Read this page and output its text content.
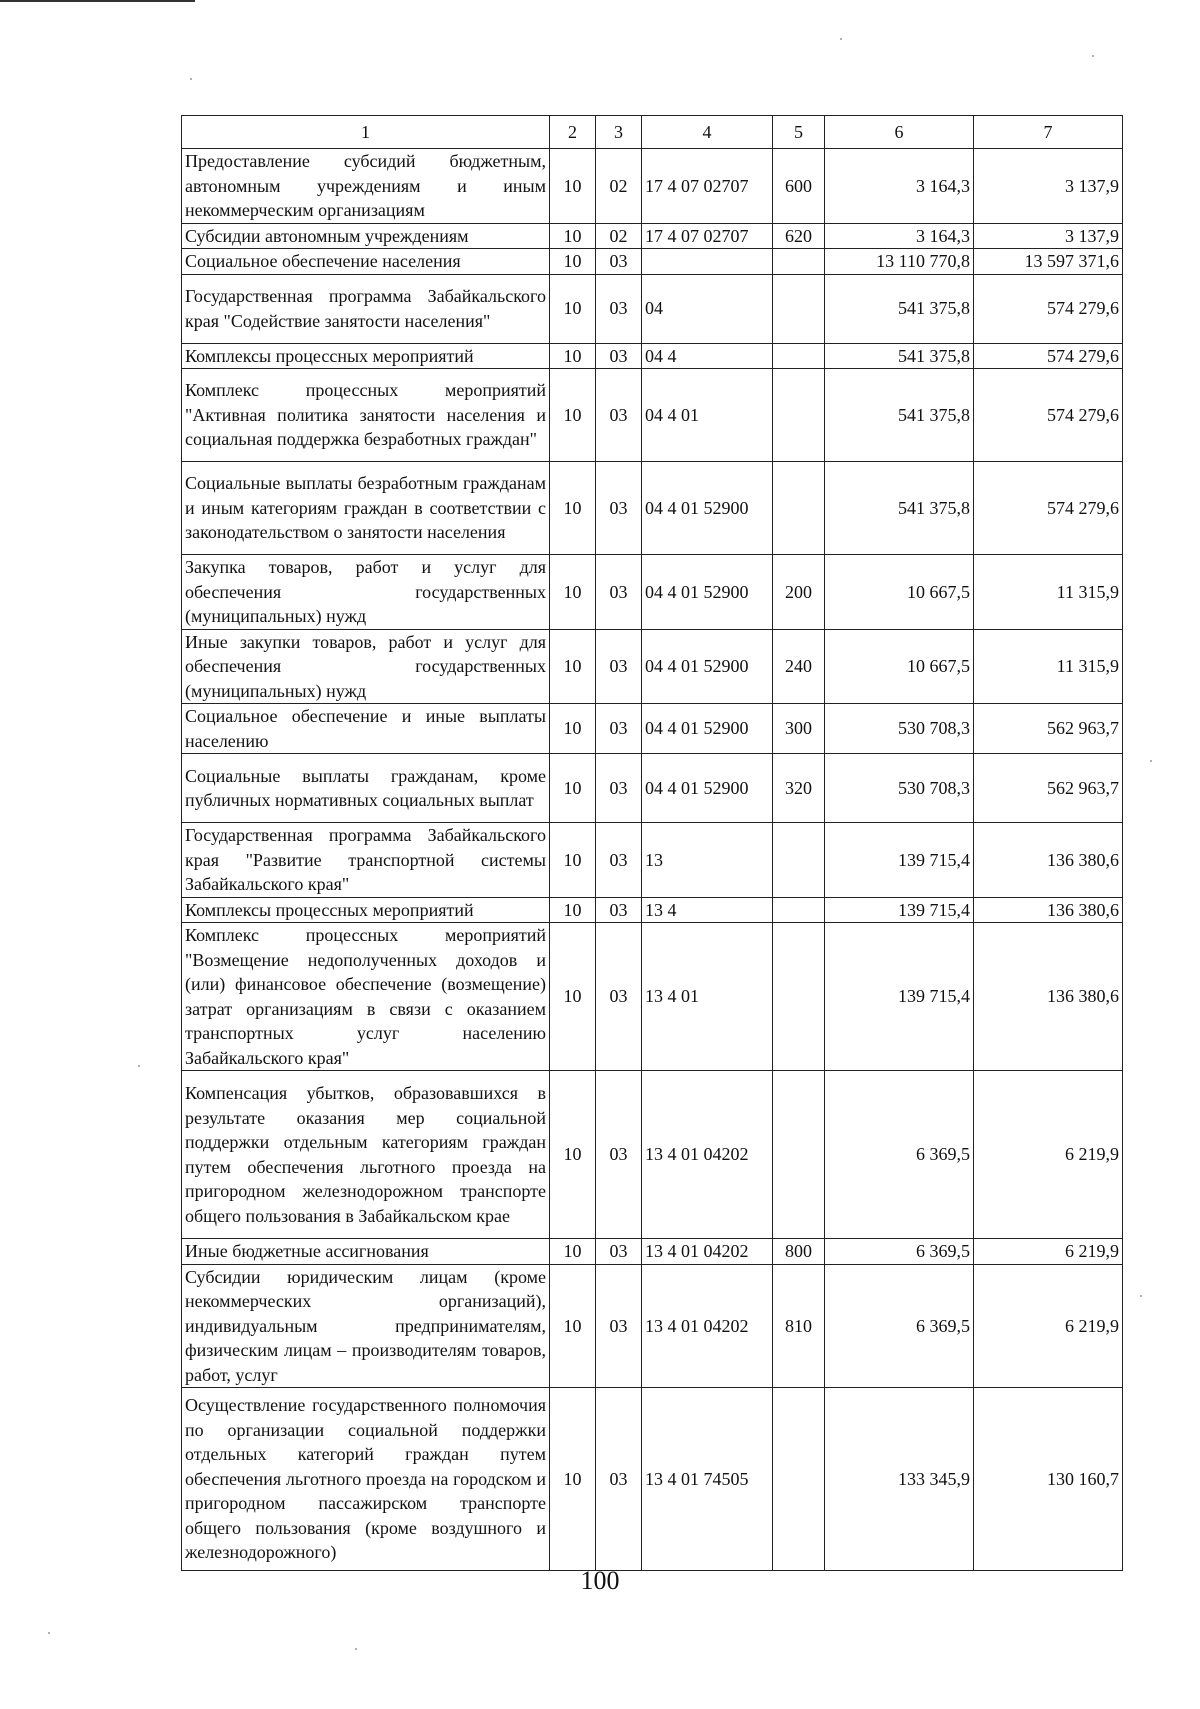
1	2	3	4	5	6	7
Предоставление субсидий бюджетным, автономным учреждениям и иным некоммерческим организациям	10	02	17 4 07 02707	600	3 164,3	3 137,9
Субсидии автономным учреждениям	10	02	17 4 07 02707	620	3 164,3	3 137,9
Социальное обеспечение населения	10	03			13 110 770,8	13 597 371,6
Государственная программа Забайкальского края "Содействие занятости населения"	10	03	04		541 375,8	574 279,6
Комплексы процессных мероприятий	10	03	04 4		541 375,8	574 279,6
Комплекс процессных мероприятий "Активная политика занятости населения и социальная поддержка безработных граждан"	10	03	04 4 01		541 375,8	574 279,6
Социальные выплаты безработным гражданам и иным категориям граждан в соответствии с законодательством о занятости населения	10	03	04 4 01 52900		541 375,8	574 279,6
Закупка товаров, работ и услуг для обеспечения государственных (муниципальных) нужд	10	03	04 4 01 52900	200	10 667,5	11 315,9
Иные закупки товаров, работ и услуг для обеспечения государственных (муниципальных) нужд	10	03	04 4 01 52900	240	10 667,5	11 315,9
Социальное обеспечение и иные выплаты населению	10	03	04 4 01 52900	300	530 708,3	562 963,7
Социальные выплаты гражданам, кроме публичных нормативных социальных выплат	10	03	04 4 01 52900	320	530 708,3	562 963,7
Государственная программа Забайкальского края "Развитие транспортной системы Забайкальского края"	10	03	13		139 715,4	136 380,6
Комплексы процессных мероприятий	10	03	13 4		139 715,4	136 380,6
Комплекс процессных мероприятий "Возмещение недополученных доходов и (или) финансовое обеспечение (возмещение) затрат организациям в связи с оказанием транспортных услуг населению Забайкальского края"	10	03	13 4 01		139 715,4	136 380,6
Компенсация убытков, образовавшихся в результате оказания мер социальной поддержки отдельным категориям граждан путем обеспечения льготного проезда на пригородном железнодорожном транспорте общего пользования в Забайкальском крае	10	03	13 4 01 04202		6 369,5	6 219,9
Иные бюджетные ассигнования	10	03	13 4 01 04202	800	6 369,5	6 219,9
Субсидии юридическим лицам (кроме некоммерческих организаций), индивидуальным предпринимателям, физическим лицам – производителям товаров, работ, услуг	10	03	13 4 01 04202	810	6 369,5	6 219,9
Осуществление государственного полномочия по организации социальной поддержки отдельных категорий граждан путем обеспечения льготного проезда на городском и пригородном пассажирском транспорте общего пользования (кроме воздушного и железнодорожного)	10	03	13 4 01 74505		133 345,9	130 160,7
100
